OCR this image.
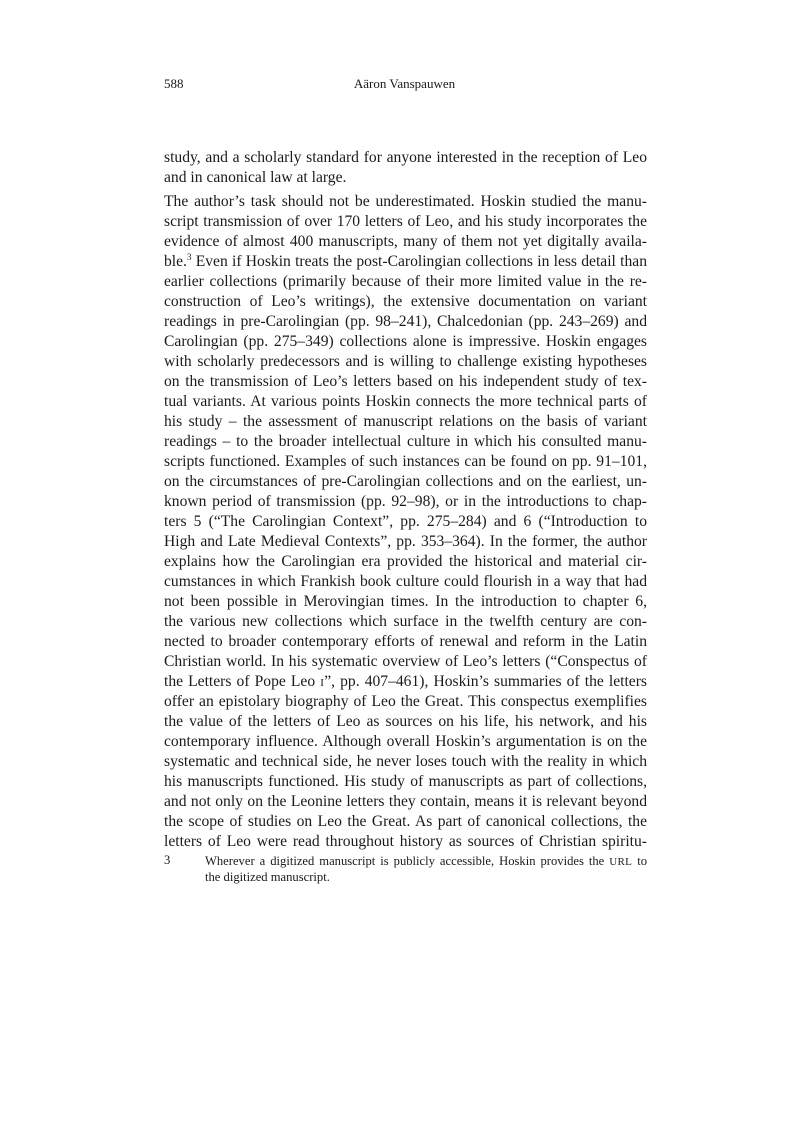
588	Aäron Vanspauwen
study, and a scholarly standard for anyone interested in the reception of Leo
and in canonical law at large.
The author’s task should not be underestimated. Hoskin studied the manu-
script transmission of over 170 letters of Leo, and his study incorporates the
evidence of almost 400 manuscripts, many of them not yet digitally availa-
ble.$^3$ Even if Hoskin treats the post-Carolingian collections in less detail than
earlier collections (primarily because of their more limited value in the re-
construction of Leo’s writings), the extensive documentation on variant
readings in pre-Carolingian (pp. 98–241), Chalcedonian (pp. 243–269) and
Carolingian (pp. 275–349) collections alone is impressive. Hoskin engages
with scholarly predecessors and is willing to challenge existing hypotheses
on the transmission of Leo’s letters based on his independent study of tex-
tual variants. At various points Hoskin connects the more technical parts of
his study – the assessment of manuscript relations on the basis of variant
readings – to the broader intellectual culture in which his consulted manu-
scripts functioned. Examples of such instances can be found on pp. 91–101,
on the circumstances of pre-Carolingian collections and on the earliest, un-
known period of transmission (pp. 92–98), or in the introductions to chap-
ters 5 (“The Carolingian Context”, pp. 275–284) and 6 (“Introduction to
High and Late Medieval Contexts”, pp. 353–364). In the former, the author
explains how the Carolingian era provided the historical and material cir-
cumstances in which Frankish book culture could flourish in a way that had
not been possible in Merovingian times. In the introduction to chapter 6,
the various new collections which surface in the twelfth century are con-
nected to broader contemporary efforts of renewal and reform in the Latin
Christian world. In his systematic overview of Leo’s letters (“Conspectus of
the Letters of Pope Leo I”, pp. 407–461), Hoskin’s summaries of the letters
offer an epistolary biography of Leo the Great. This conspectus exemplifies
the value of the letters of Leo as sources on his life, his network, and his
contemporary influence. Although overall Hoskin’s argumentation is on the
systematic and technical side, he never loses touch with the reality in which
his manuscripts functioned. His study of manuscripts as part of collections,
and not only on the Leonine letters they contain, means it is relevant beyond
the scope of studies on Leo the Great. As part of canonical collections, the
letters of Leo were read throughout history as sources of Christian spiritu-
3	Wherever a digitized manuscript is publicly accessible, Hoskin provides the URL to
the digitized manuscript.
